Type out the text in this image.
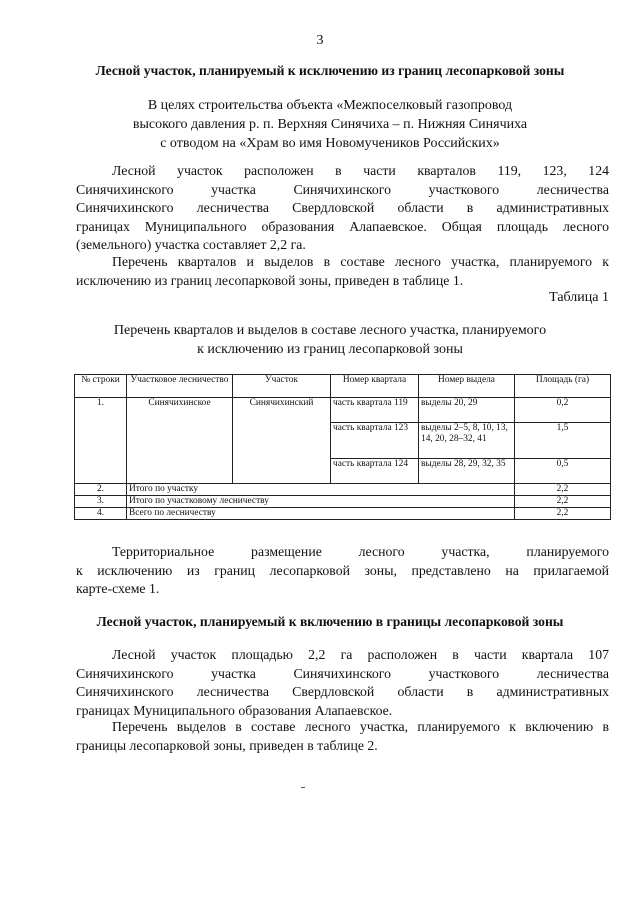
3
Лесной участок, планируемый к исключению из границ лесопарковой зоны
В целях строительства объекта «Межпоселковый газопровод
высокого давления р. п. Верхняя Синячиха – п. Нижняя Синячиха
с отводом на «Храм во имя Новомучеников Российских»
Лесной участок расположен в части кварталов 119, 123, 124
Синячихинского участка Синячихинского участкового лесничества
Синячихинского лесничества Свердловской области в административных
границах Муниципального образования Алапаевское. Общая площадь лесного
(земельного) участка составляет 2,2 га.
Перечень кварталов и выделов в составе лесного участка, планируемого к
исключению из границ лесопарковой зоны, приведен в таблице 1.
Таблица 1
Перечень кварталов и выделов в составе лесного участка, планируемого
к исключению из границ лесопарковой зоны
№ строки	Участковое лесничество	Участок	Номер квартала	Номер выдела	Площадь (га)
1.	Синячихинское	Синячихинский	часть квартала 119	выделы 20, 29	0,2
			часть квартала 123	выделы 2–5, 8, 10, 13, 14, 20, 28–32, 41	1,5
			часть квартала 124	выделы 28, 29, 32, 35	0,5
2.	Итого по участку				2,2
3.	Итого по участковому лесничеству				2,2
4.	Всего по лесничеству				2,2
Территориальное размещение лесного участка, планируемого
к исключению из границ лесопарковой зоны, представлено на прилагаемой
карте-схеме 1.
Лесной участок, планируемый к включению в границы лесопарковой зоны
Лесной участок площадью 2,2 га расположен в части квартала 107
Синячихинского участка Синячихинского участкового лесничества
Синячихинского лесничества Свердловской области в административных
границах Муниципального образования Алапаевское.
Перечень выделов в составе лесного участка, планируемого к включению в
границы лесопарковой зоны, приведен в таблице 2.
